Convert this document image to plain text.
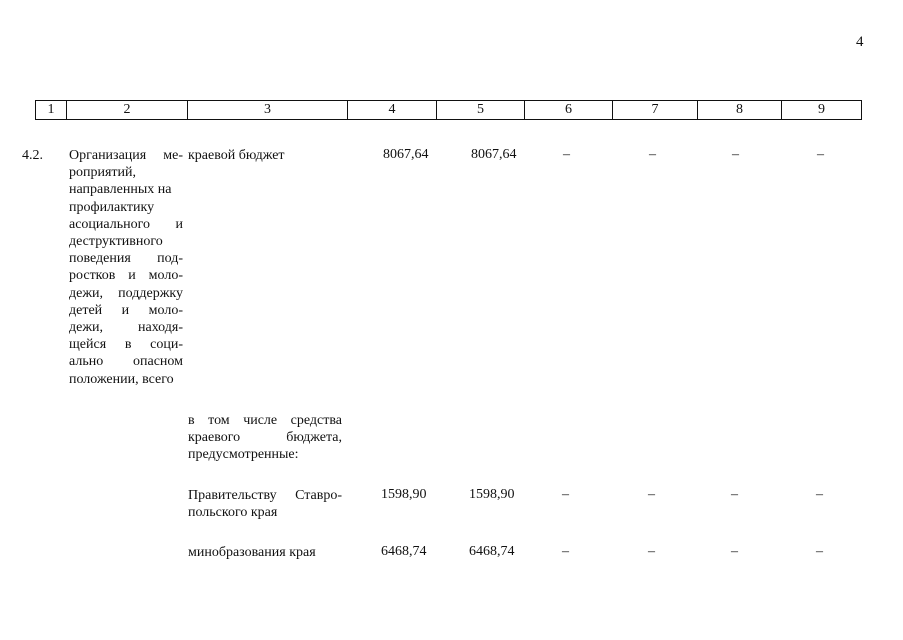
4
1	2	3	4	5	6	7	8	9
4.2. Организация ме-
роприятий,
направленных на
профилактику
асоциального и
деструктивного
поведения под-
ростков и моло-
дежи, поддержку
детей и моло-
дежи, находя-
щейся в соци-
ально опасном
положении, всего
краевой бюджет	8067,64	8067,64	–	–	–	–
в том числе средства
краевого бюджета,
предусмотренные:
Правительству Ставро-
польского края
1598,90	1598,90	–	–	–	–
минобразования края	6468,74	6468,74	–	–	–	–
